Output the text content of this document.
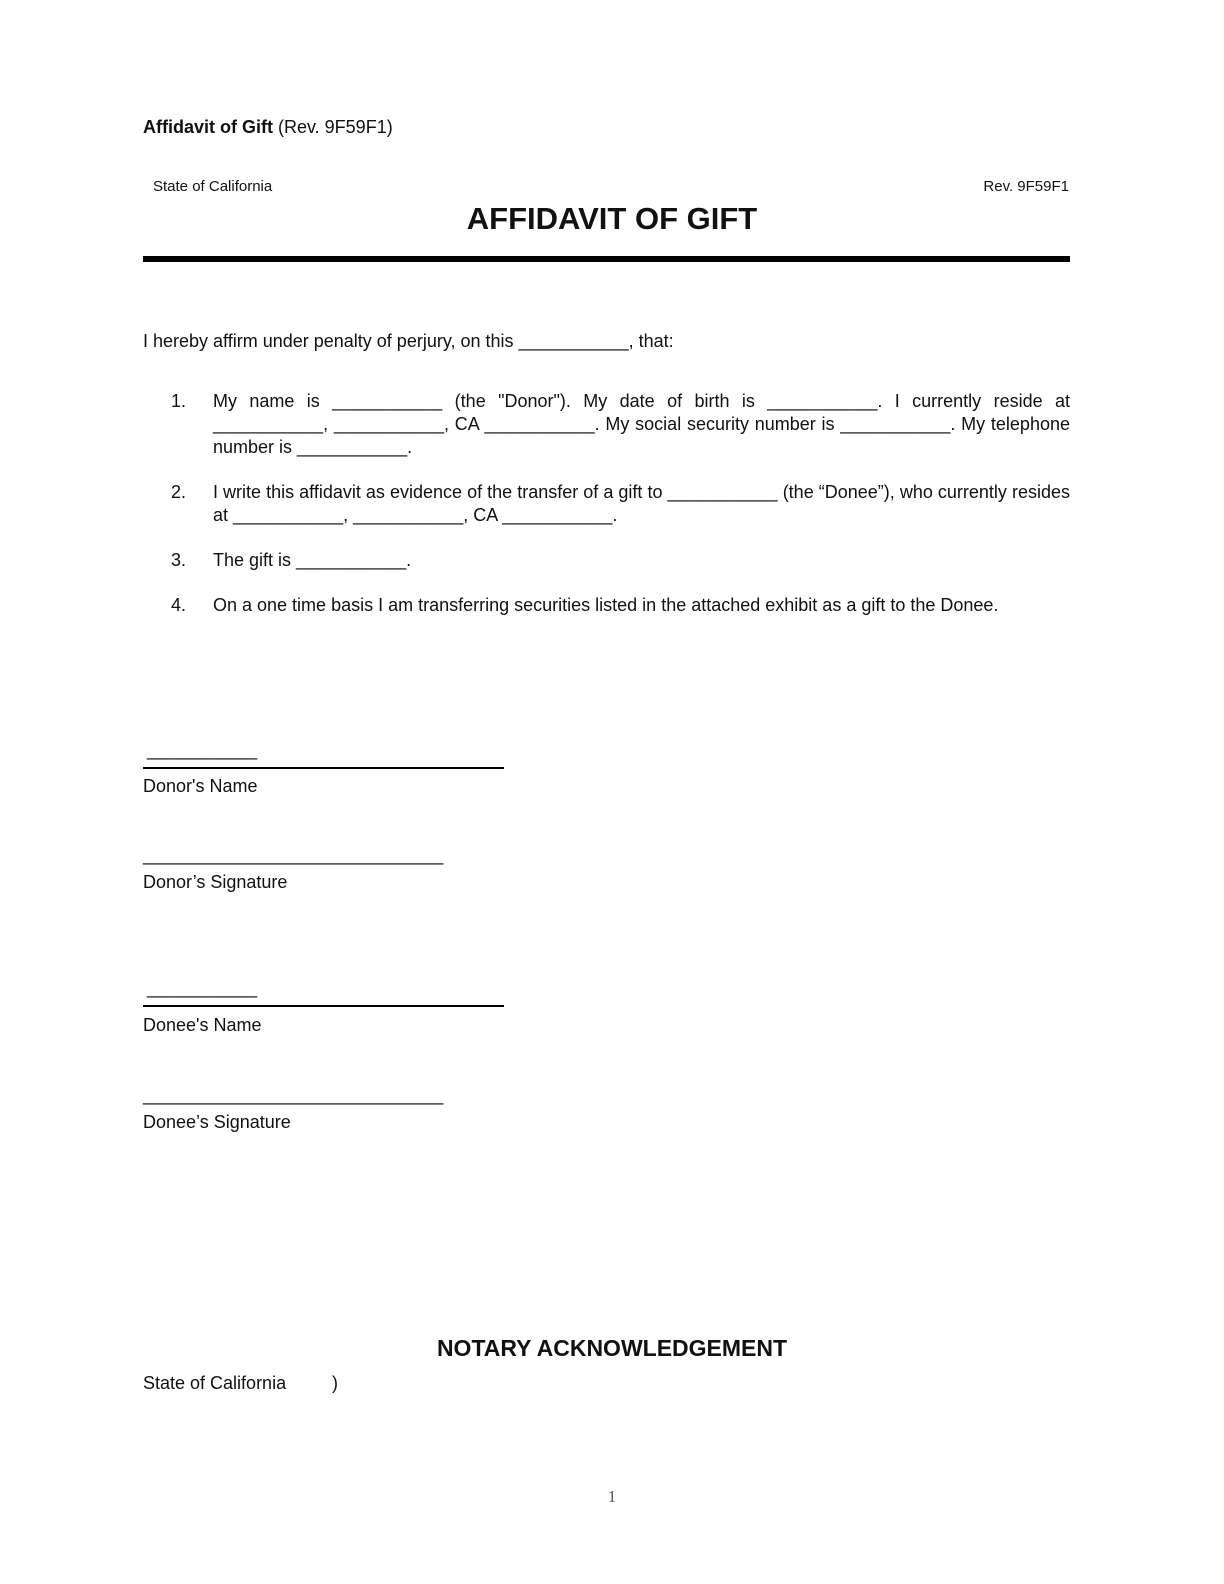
Affidavit of Gift (Rev. 9F59F1)
State of California	Rev. 9F59F1
AFFIDAVIT OF GIFT
I hereby affirm under penalty of perjury, on this ___________, that:
1.	My name is ___________ (the "Donor"). My date of birth is ___________. I currently reside at ___________, ___________, CA ___________. My social security number is ___________. My telephone number is ___________.
2.	I write this affidavit as evidence of the transfer of a gift to ___________ (the “Donee”), who currently resides at ___________, ___________, CA ___________.
3.	The gift is ___________.
4.	On a one time basis I am transferring securities listed in the attached exhibit as a gift to the Donee.
___________
Donor's Name
______________________________
Donor’s Signature
___________
Donee's Name
______________________________
Donee’s Signature
NOTARY ACKNOWLEDGEMENT
State of California	)
1
